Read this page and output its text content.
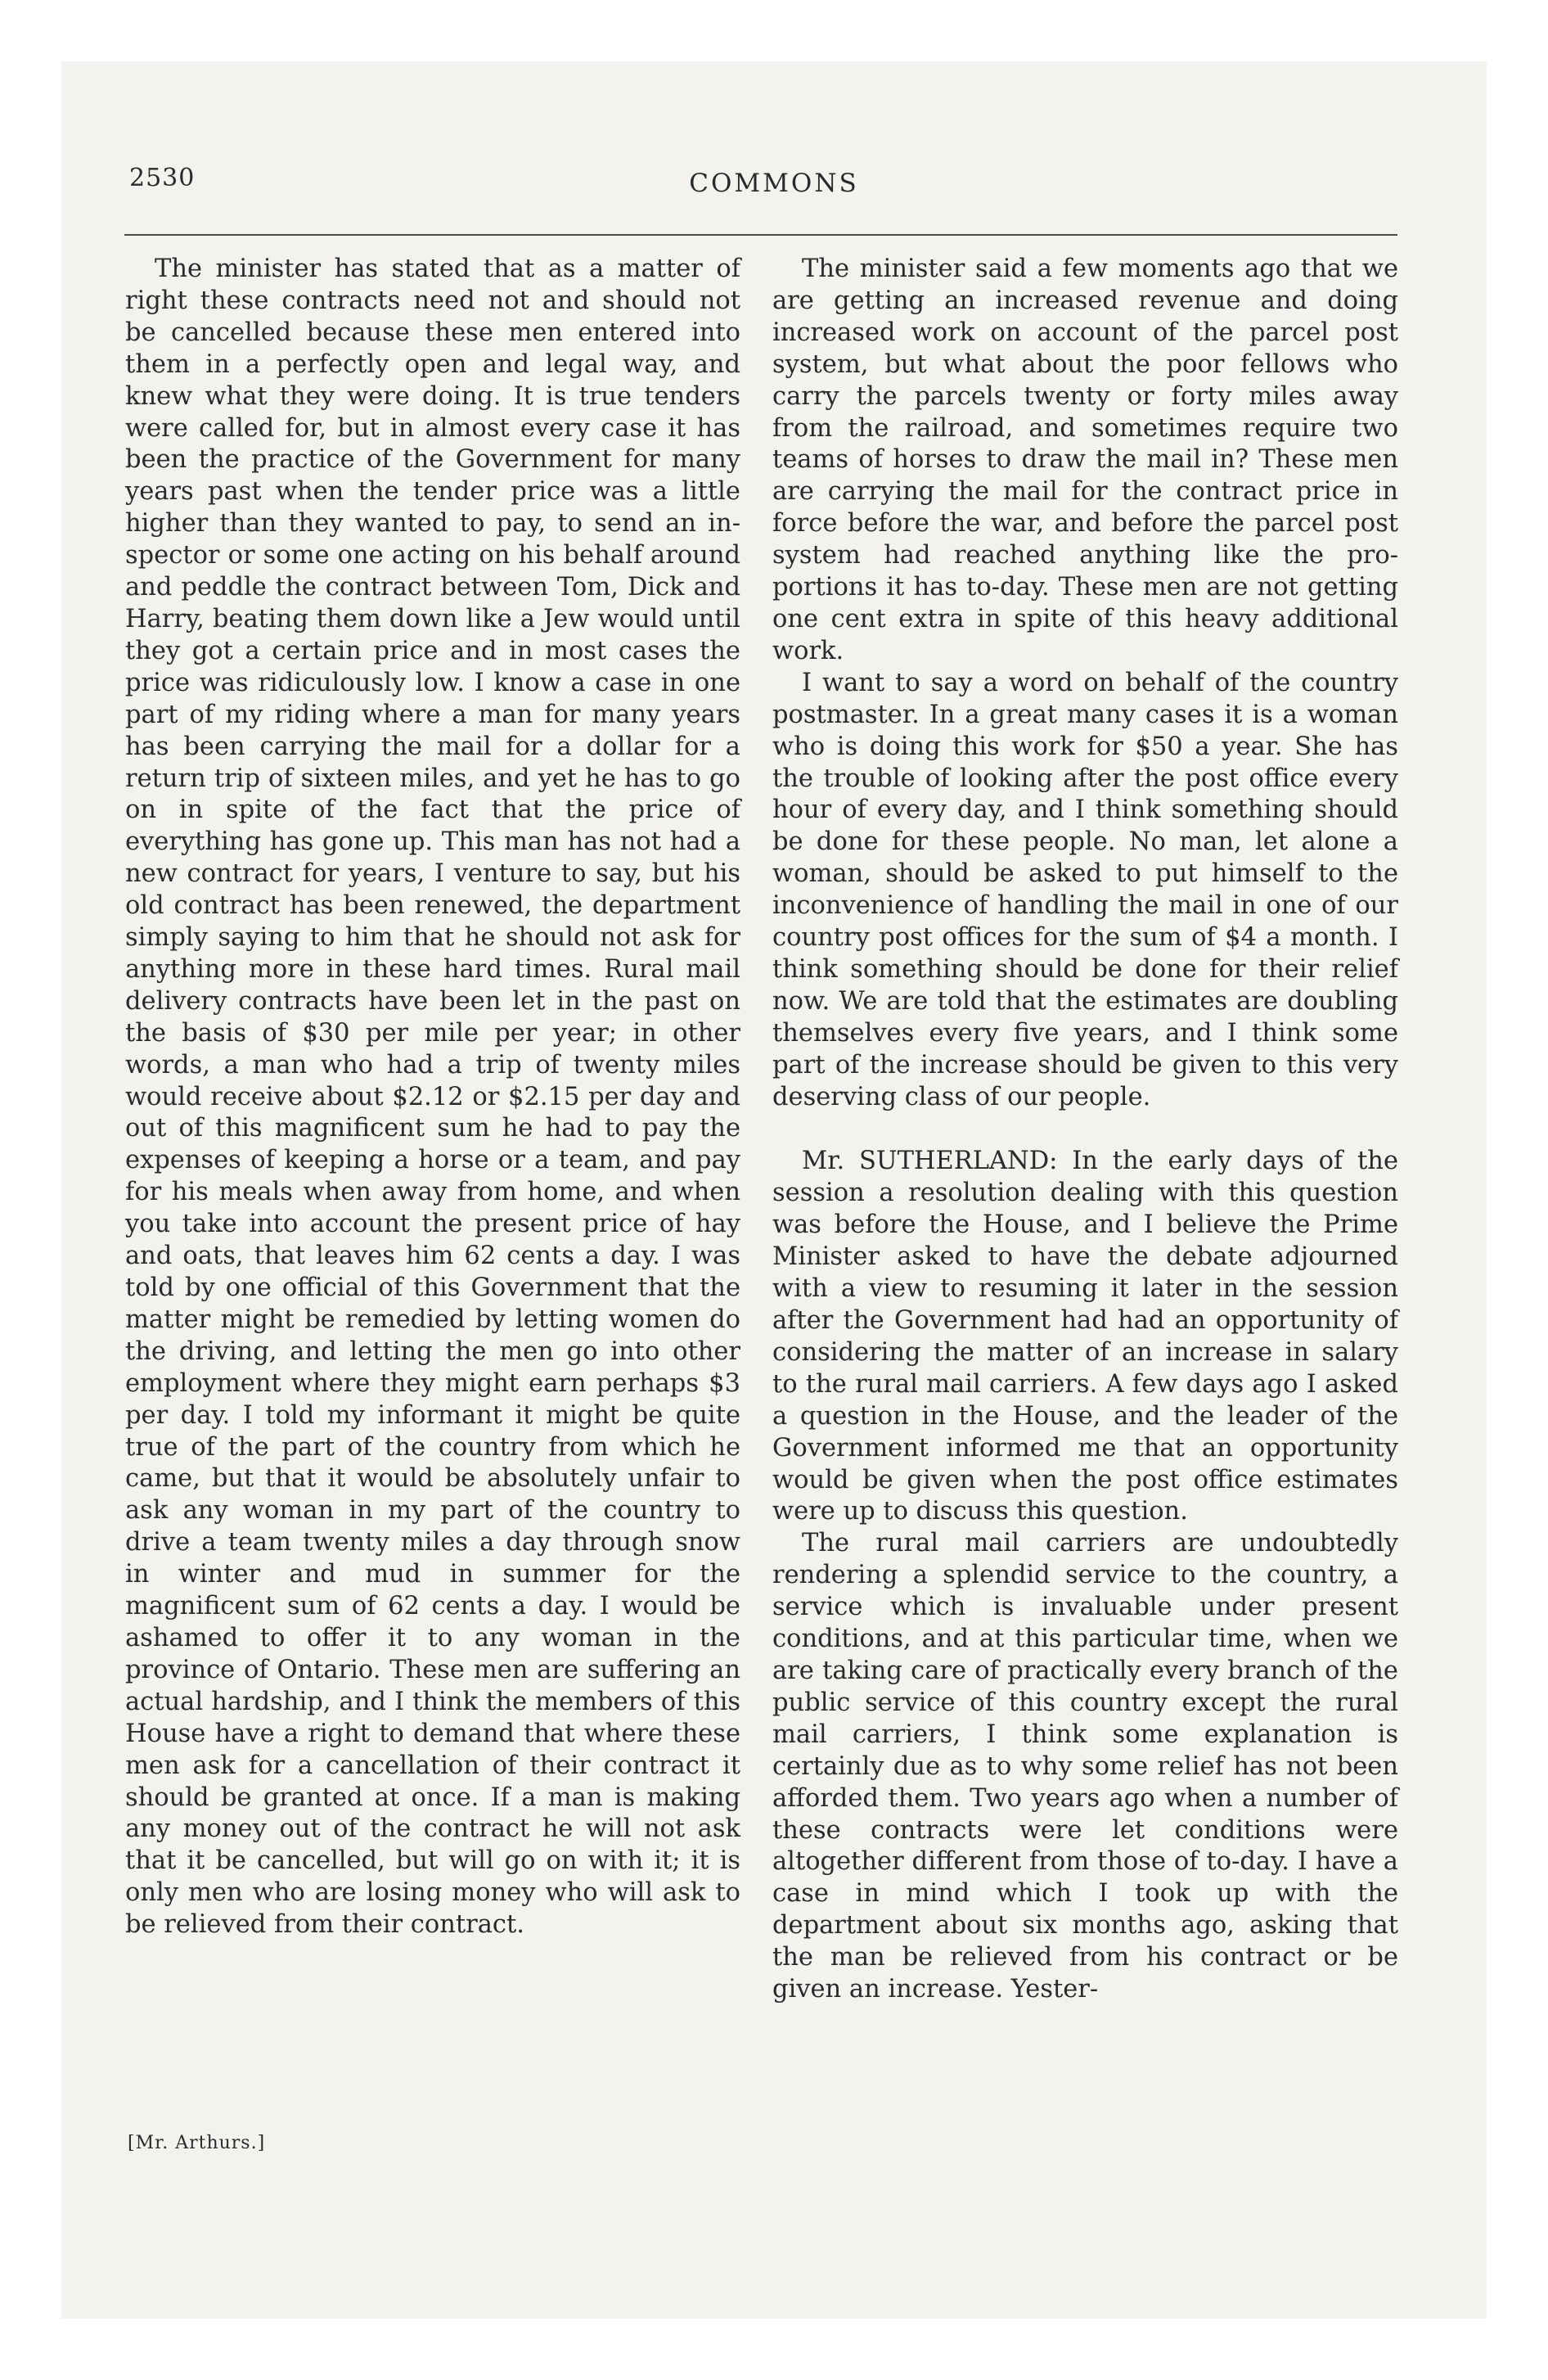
2530	COMMONS

The minister has stated that as a matter of right these contracts need not and should not be cancelled because these men entered into them in a perfectly open and legal way, and knew what they were doing. It is true tenders were called for, but in almost every case it has been the practice of the Government for many years past when the tender price was a little higher than they wanted to pay, to send an inspector or some one acting on his behalf around and peddle the contract between Tom, Dick and Harry, beating them down like a Jew would until they got a certain price and in most cases the price was ridiculously low. I know a case in one part of my riding where a man for many years has been carrying the mail for a dollar for a return trip of sixteen miles, and yet he has to go on in spite of the fact that the price of everything has gone up. This man has not had a new contract for years, I venture to say, but his old contract has been renewed, the department simply saying to him that he should not ask for anything more in these hard times. Rural mail delivery contracts have been let in the past on the basis of $30 per mile per year; in other words, a man who had a trip of twenty miles would receive about $2.12 or $2.15 per day and out of this magnificent sum he had to pay the expenses of keeping a horse or a team, and pay for his meals when away from home, and when you take into account the present price of hay and oats, that leaves him 62 cents a day. I was told by one official of this Government that the matter might be remedied by letting women do the driving, and letting the men go into other employment where they might earn perhaps $3 per day. I told my informant it might be quite true of the part of the country from which he came, but that it would be absolutely unfair to ask any woman in my part of the country to drive a team twenty miles a day through snow in winter and mud in summer for the magnificent sum of 62 cents a day. I would be ashamed to offer it to any woman in the province of Ontario. These men are suffering an actual hardship, and I think the members of this House have a right to demand that where these men ask for a cancellation of their contract it should be granted at once. If a man is making any money out of the contract he will not ask that it be cancelled, but will go on with it; it is only men who are losing money who will ask to be relieved from their contract.

[Mr. Arthurs.]

The minister said a few moments ago that we are getting an increased revenue and doing increased work on account of the parcel post system, but what about the poor fellows who carry the parcels twenty or forty miles away from the railroad, and sometimes require two teams of horses to draw the mail in? These men are carrying the mail for the contract price in force before the war, and before the parcel post system had reached anything like the proportions it has to-day. These men are not getting one cent extra in spite of this heavy additional work.

I want to say a word on behalf of the country postmaster. In a great many cases it is a woman who is doing this work for $50 a year. She has the trouble of looking after the post office every hour of every day, and I think something should be done for these people. No man, let alone a woman, should be asked to put himself to the inconvenience of handling the mail in one of our country post offices for the sum of $4 a month. I think something should be done for their relief now. We are told that the estimates are doubling themselves every five years, and I think some part of the increase should be given to this very deserving class of our people.

Mr. SUTHERLAND: In the early days of the session a resolution dealing with this question was before the House, and I believe the Prime Minister asked to have the debate adjourned with a view to resuming it later in the session after the Government had had an opportunity of considering the matter of an increase in salary to the rural mail carriers. A few days ago I asked a question in the House, and the leader of the Government informed me that an opportunity would be given when the post office estimates were up to discuss this question.

The rural mail carriers are undoubtedly rendering a splendid service to the country, a service which is invaluable under present conditions, and at this particular time, when we are taking care of practically every branch of the public service of this country except the rural mail carriers, I think some explanation is certainly due as to why some relief has not been afforded them. Two years ago when a number of these contracts were let conditions were altogether different from those of to-day. I have a case in mind which I took up with the department about six months ago, asking that the man be relieved from his contract or be given an increase. Yester-
